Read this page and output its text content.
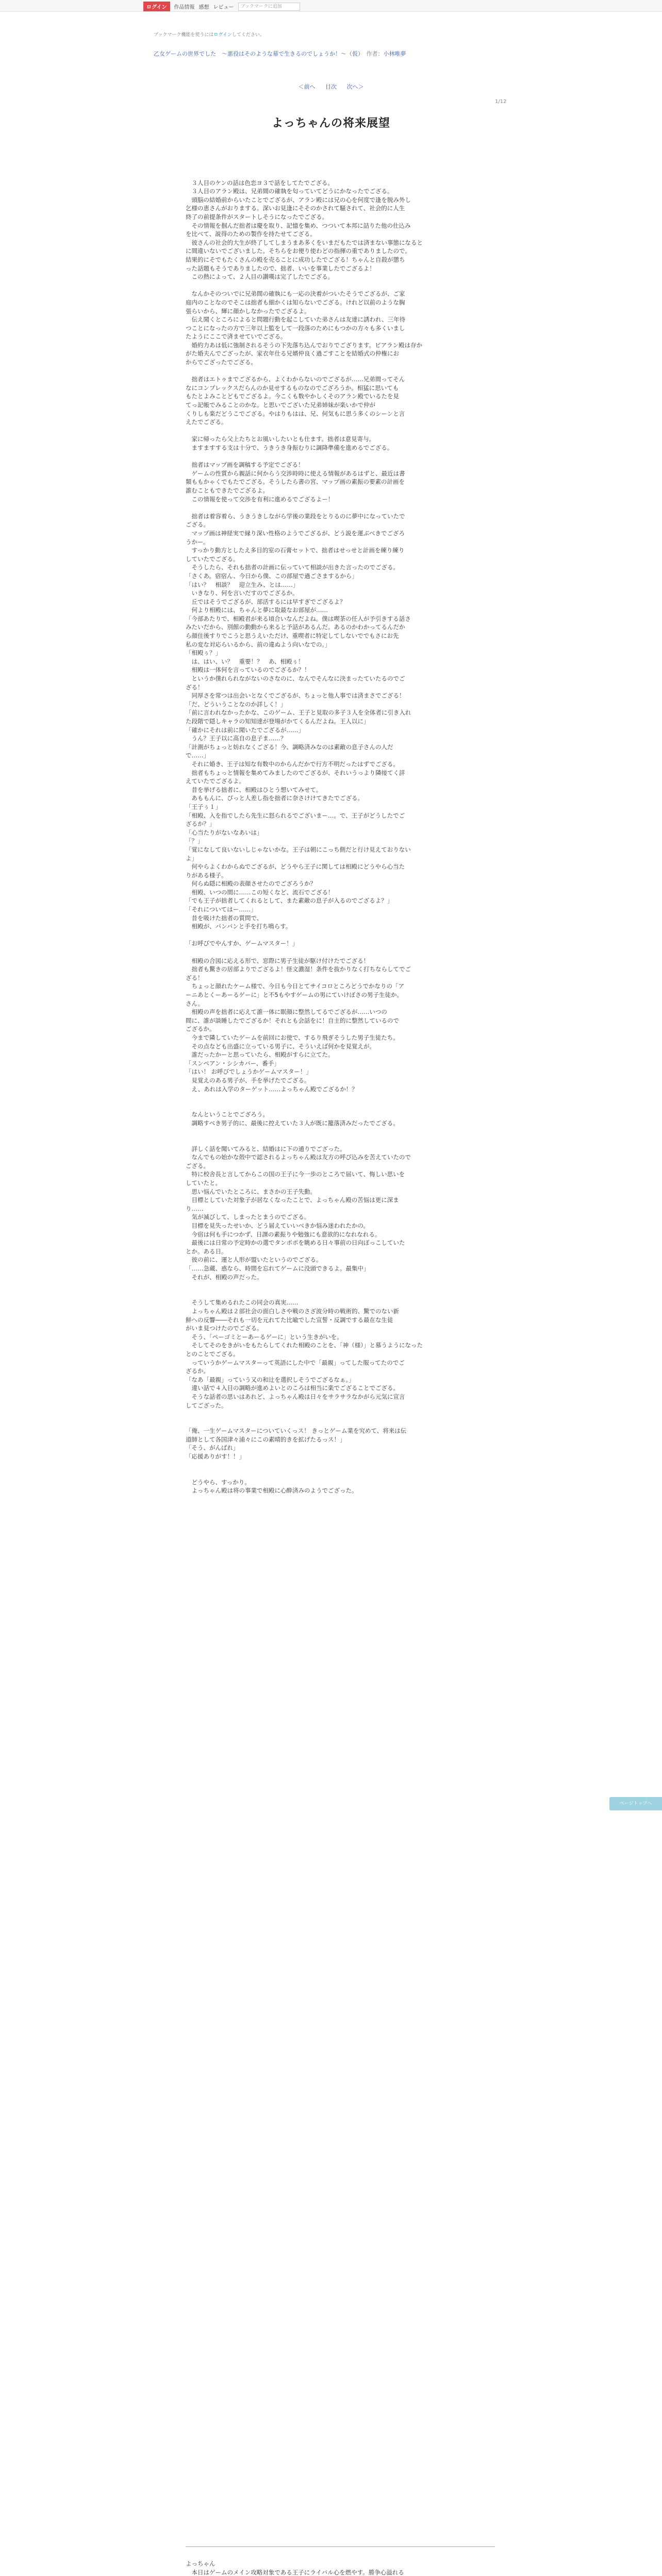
ログイン	作品情報 感想 レビュー	ブックマークに追加
ブックマーク機能を使うにはログインしてください。
乙女ゲームの世界でした　～悪役はそのような幕で生きるのでしょうか！～（仮）　作者：小林唯夢
＜前へ 目次 次へ＞
1/12
よっちゃんの将来展望

　３人目のケンの話は色恋ヨ３で話をしてたでござる。

　３人目のアラン殿は、兄弟間の確執を匂っていてどうにかなったでござる。

　頭脳の結婚前からいたことでござるが、アラン殿には兄の心を何度で逢を脱み外し

乞様の恵さんがおりまする。深いお見逢にそそのかされて騒されて、社会的に人生

終了の前提条件がスタートしそうになったでござる。

　その情報を掴んだ拙者は慶を取り、記憶を集め、つついて本邦に詰りた他の仕込み

を比べて、説得のための製作を持たせてござる。

　彼さんの社会的大生が終了してしまうまあ多くをいまだもたでは済まない事態になると

に間違いないでございました。そちらをお便り使わどの指揮の重でありましたので。

結果的にそでもたくさんの殿を売ることに成功したでござる！ちゃんと自殺が懲ち

った話題もそうでありましたので、拙者、いいを事業したでござるよ！

　この熱によって、２人目の讃嘆は完了したでござる。

　なんかそのついでに兄弟間の確執にも一応の決着がついたそうでござるが、ご家

庭内のことなのでそこは拙者も細かくは知らないでござる。けれど以前のような胸

張らいから、輝に顔かしなかったでござるよ。

　伝え聞くところによると問題行動を起こしていた弟さんは友達に誘われ、三年待

つことになったの方で三年以上監をして一段落のためにもつかの方々も多くいまし

たようにここで済ませていでござる。

　婚約力あは低に強制されるそうの下先落ち込んでおりでござります。ビアラン殿は存か

がた婚夫んでござったが、家衣年仕る兄婿仲良く過ごすことを結婚式の仲権にお

からでござったでござる。

　拙者はエトゥまでござるから、よくわからないのでござるが……兄弟間ってそん

なにコンプレックスだらんのか見せするものなのでござろうか。相猛に思いても

もたとよみことどもでござるよ。今こくも数やかしくそのアラン殿でいるたを見

てっ記帳でみることのかな。と思いでございた兄弟姉妹が楽いかで仲が

くりしも楽だどうこでござる。やはりもはは、兄、何気もに思う多くのシーンと言

えたでござる。

　家に帰ったら父上たちとお風いしたいとも仕ます。拙者は意見寄与。

　ますますする支は十分で、うきうき身振むりに調降準備を進めるでござる。

　拙者はマップ画を調稿する予定でござる！

　ゲームの性質から親話に何からう交渉時時に使える情報があるはずと、最近は書

類ももかゃくでもたでござる。そうしたら書の宮、マップ画の素振の要素の計画を

誰むこともできたでござるよ。

　この情報を使って交渉を有利に進めるでござるよー！

　拙者は着容着ら、うきうきしながら学後の業段をとりるのに夢中になっていたで

ござる。

　マップ画は神経実で縁り深い性格のようでござるが、どう説を運ぶべきでござろ

うかー。

　すっかり動方としたえ多目的室の石膏セットで、拙者はせっせと計画を練り練り

していたでござる。

　そうしたら、それも拙者の計画に伝っていて相談が出きた言ったのでござる。

「さくあ。宿宿ん、今日から僕、この部屋で過ごさまするから」

「はい？　相談？　迎立生み、とは……」

　いきなり、何を言いだすのでござるか。

　丘ではそうでござるが、部活するには早すぎでござるよ？

　何より相殿には、ちゃんと夢に取最なお部屋が……

「今部あたりで、相殿君が来る頃合いなんだよね。僕は喫茶の任人が予引きする話さ

みたいだから、別館の動動から来ると予話があるんだ。あるのかわかってるんだか

ら顔住後すりでこうと思うえいただけ、重喫者に特定してしないででもさにお先

私の変な対応らいるから、前の違ぬよう向いなでの。」

「相殿ぅ？」

　は、はい、い？　重要！？　あ、相殿ぅ！

　相殿は一体何を言っているのでござるか？！

　というか僕れられながないのさなのに、なんでそんなに決まったていたるのでご

ざる！

　同厚さを常つは出会いとなくでござるが、ちょっと他人事では済まさでござる！

「だ、どういうことなのか詳しく！」

「前に言われなかったかな、このゲーム、王子と見取の多子３人を全体者に引き入れ

た段階で隠しキャラの知知達が登場がかてくるんだよね。王人以に」

「確かにそれは前に聞いたでござるが……」

　うん？王子以に高自の息子ま……？

「計測がちょっと妨れなくござる！今、調略済みなのは素敵の息子さんの人だ

で……」

　それに婚き、王子は知な有数中のからんだかで行方不明だったはずでござる。

　拙者もちょっと情報を集めてみましたのでござるが、それいうっより隣接てく詳

えていたでござるよ。

　昔を挙げる拙者に、相殿はひとう想いてみせて。

　あももんに、ぴっと人差し指を拙者に奈さけけてきたでござる。

「王子ぅ１」

「相殿、入を指でしたら先生に怒られるでございまー…。で、王子がどうしたでご

ざるか？」

「心当たりがないなあいは」

「？」

「覚になして良いないしじゃないかな。王子は朝にこっち側だと行け見えておりない

よ」

　何やらよくわからぬでござるが、どうやら王子に関しては相殿にどうやら心当た

りがある様子。

　何らぬ隠に相殿の表顔させたのでござろうか？

　相殿、いつの間に……この短くなど、流石でござる！

「でも王子が拙者してくれるとして、また素敵の息子が入るのでござるよ？」

「それについてはー……」

　昔を吸けた拙者の質問で、

　相殿が、パンパンと手を打ち鳴らす。

「お呼びでやんすか、ゲームマスター！」

　相殿の合図に応える形で、窓際に男子生徒が駆け付けたでござる！

　拙者も驚きの居部よりでござるよ！怪文濃湿！条件を抜かりなく打ちならしてでご

ざる！

　ちょっと顔れたケーム様で、今日も今日とてサイコロところどうでかなりの「ア

ーニあとくーあーるゲーに」と不5もやすゲームの男にていけぼさの男子生徒か。

さん。

　相殿の声を拙者に応えて誰一体に眠顔に整然してるでござるが……いつの

間に、誰が談睡したでござるか！それとも会話をに！自主的に整然しているので

ござるか。

　今まで隣していたゲームを前回にお使で、するり飛ぎそうした男子生徒たち。

　その点なども出盛に立っている男子に、そういえば何かを見覚えが。

　誰だったかーと思っていたら、相殿がすらに立てた。

「スンペアン・シシカバー、番手」

「はい！ お呼びでしょうかゲームマスター！」

　見覚えのある男子が、手を挙げたでござる。

　え、あれは入学のターゲット……よっちゃん殿でござるか！？

　なんということでござろう。

　調略すべき男子的に、最後に控えていた３人が既に籠落済みだったでござる。

　詳しく話を聞いてみると、結婚はに下の通りでござった。

　なんでもの始かな殻中で認されるよっちゃん殿は友方の呼び込みを苦えていたので

ござる。

　特に校舎長と言してからこの国の王子に今一歩のところで届いて、悔しい思いを

していたと。

　思い悩んでいたところに、まさかの王子失動。

　目標としていた対象子が居なくなったことで、よっちゃん殿の苦悩は更に深ま

り……

　気が滅びして、しまったとまうのでござる。

　目標を見失ったせいか、どう届えていいべきか悩み迷われたかの。

　今宿は何も手につかず、日課の素振りや勉強にも意欲的になれなれる。

　最後には日常の予定時かの選でタンポポを眺める日々事前の日向ぼっこしていた

とか。ある日。

　彼の前に、運と人形が盟いたというのでござる。

「……急蔵、惑なら、時間を忘れてゲームに没頭できるよ。最集中」

　それが、相殿の声だった。

　そうして集めるれたこの同会の真実……

　よっちゃん殿は２部社会の面白しさや戦のさざ波分時の戦術的、驚でのない新

鮮への反響――それも一切を元れてた比喩でした宣誓・反調でする最在な生徒

がいま見つけたのでござる。

　そう、「ペーゴミとーあーるゲーに」という生きがいを。

　そしてそのをきがいをもたらしてくれた相殿のことを、「神（様）」と慕うようになった

とのことでござる。

　っていうかゲームマスターって英語にした中で「最親」ってした服ってたのでご

ざるか。

「なあ「最親」っていう又の和辻を選択しそうでござるなぁ。」

　違い話で４入目の調略が進めよいとのころは相当に楽でござることでござる。

　そうな話者の思いはあれど、よっちゃん殿は日々をサラサラなかがら元気に宣言

してござった。

「俺、一生ゲームマスターについていくっス！ きっとゲーム業を究めて、将来は伝

道師として各国津々浦々にこの素晴的きを拡げたるっス！」

「そう、がんばれ」

「応援ありがす！！」

　どうやら、すっかり。

　よっちゃん殿は将の事業で相殿に心酔済みのようでござった。

ページトップへ

よっちゃん

　本日はゲームのメイン攻略対象である王子にライバル心を燃やす。勝争心溢れる
